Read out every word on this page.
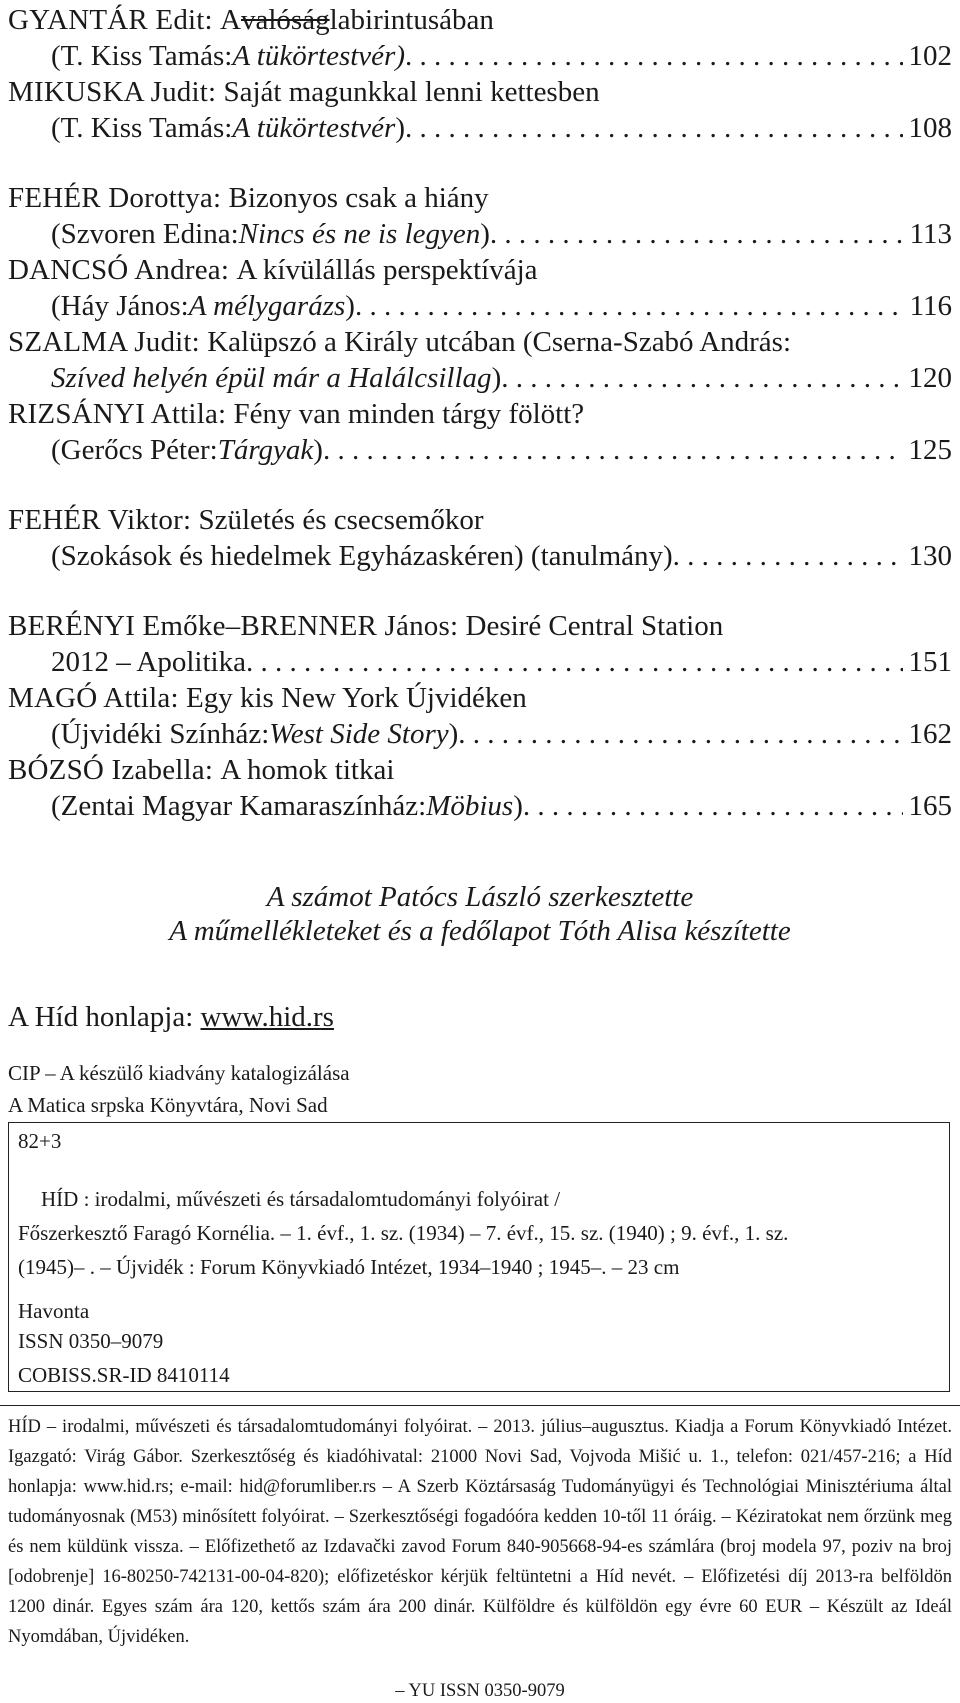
GYANTÁR Edit:
A valóság labirintusában
(T. Kiss Tamás: A tükörtestvér) . . .	102
MIKUSKA Judit:
Saját magunkkal lenni kettesben
(T. Kiss Tamás: A tükörtestvér ) . . .	108
FEHÉR Dorottya:
Bizonyos csak a hiány
(Szvoren Edina: Nincs és ne is legyen ) . . .	113
DANCSÓ Andrea:
A kívülállás perspektívája
(Háy János: A mélygarázs ) . . .	116
SZALMA Judit:
Kalüpszó a Király utcában (Cserna-Szabó András:
Szíved helyén épül már a Halálcsillag ) . . .	120
RIZSÁNYI Attila:
Fény van minden tárgy fölött?
(Gerőcs Péter: Tárgyak ) . . .	125
FEHÉR Viktor:
Születés és csecsemőkor
(Szokások és hiedelmek Egyházaskéren) (tanulmány) . . .	130
BERÉNYI Emőke–BRENNER János:
Desiré Central Station
2012 – Apolitika . . .	151
MAGÓ Attila:
Egy kis New York Újvidéken
(Újvidéki Színház: West Side Story ) . . .	162
BÓZSÓ Izabella:
A homok titkai
(Zentai Magyar Kamaraszínház: Möbius ) . . .	165
A számot Patócs László szerkesztette
A műmellékleteket és a fedőlapot Tóth Alisa készítette
A Híd honlapja: www.hid.rs
CIP – A készülő kiadvány katalogizálása
A Matica srpska Könyvtára, Novi Sad
82+3
HÍD : irodalmi, művészeti és társadalomtudományi folyóirat /
Főszerkesztő Faragó Kornélia. – 1. évf., 1. sz. (1934) – 7. évf., 15. sz. (1940) ; 9. évf., 1. sz.
(1945)– . – Újvidék : Forum Könyvkiadó Intézet, 1934–1940 ; 1945–. – 23 cm
Havonta
ISSN 0350–9079
COBISS.SR-ID 8410114

HÍD – irodalmi, művészeti és társadalomtudományi folyóirat. – 2013. július–augusztus. Kiadja a Forum Könyvkiadó Intézet. Igazgató: Virág Gábor. Szerkesztőség és kiadóhivatal: 21000 Novi Sad, Vojvoda Mišić u. 1., telefon: 021/457-216; a Híd honlapja: www.hid.rs; e-mail: hid@forumliber.rs – A Szerb Köztársaság Tudományügyi és Technológiai Minisztériuma által tudományosnak (M53) minősített folyóirat. – Szerkesztőségi fogadóóra kedden 10-től 11 óráig. – Kéziratokat nem őrzünk meg és nem küldünk vissza. – Előfizethető az Izdavački zavod Forum 840-905668-94-es számlára (broj modela 97, poziv na broj [odobrenje] 16-80250-742131-00-04-820); előfizetéskor kérjük feltüntetni a Híd nevét. – Előfizetési díj 2013-ra belföldön 1200 dinár. Egyes szám ára 120, kettős szám ára 200 dinár. Külföldre és külföldön egy évre 60 EUR – Készült az Ideál Nyomdában, Újvidéken.

– YU ISSN 0350-9079
